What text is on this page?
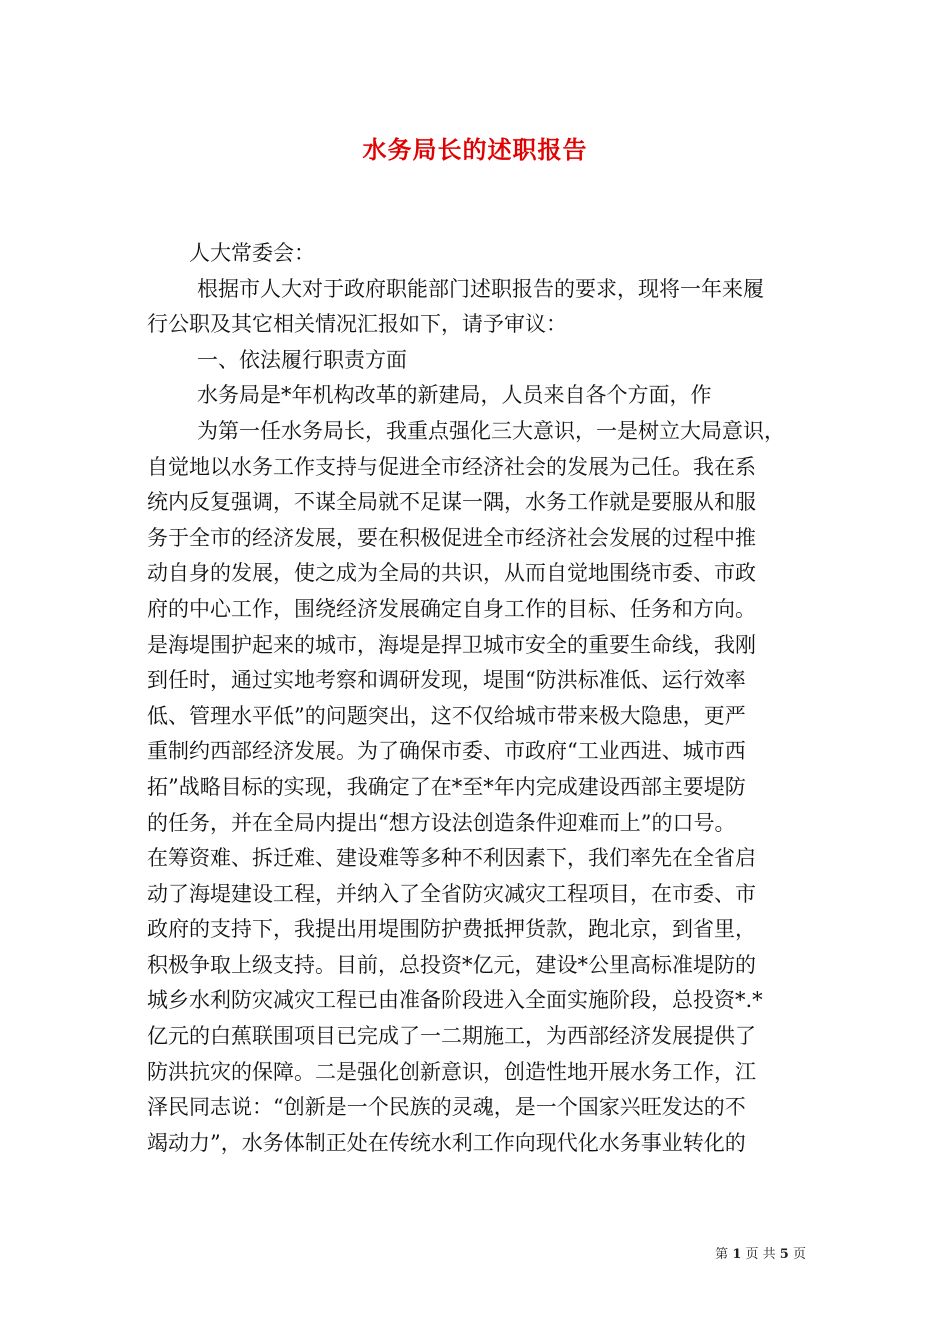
水务局长的述职报告
人大常委会：
根据市人大对于政府职能部门述职报告的要求，现将一年来履
行公职及其它相关情况汇报如下，请予审议：
一、依法履行职责方面
水务局是*年机构改革的新建局，人员来自各个方面，作
为第一任水务局长，我重点强化三大意识，一是树立大局意识，
自觉地以水务工作支持与促进全市经济社会的发展为己任。我在系
统内反复强调，不谋全局就不足谋一隅，水务工作就是要服从和服
务于全市的经济发展，要在积极促进全市经济社会发展的过程中推
动自身的发展，使之成为全局的共识，从而自觉地围绕市委、市政
府的中心工作，围绕经济发展确定自身工作的目标、任务和方向。
是海堤围护起来的城市，海堤是捍卫城市安全的重要生命线，我刚
到任时，通过实地考察和调研发现，堤围“防洪标准低、运行效率
低、管理水平低”的问题突出，这不仅给城市带来极大隐患，更严
重制约西部经济发展。为了确保市委、市政府“工业西进、城市西
拓”战略目标的实现，我确定了在*至*年内完成建设西部主要堤防
的任务，并在全局内提出“想方设法创造条件迎难而上”的口号。
在筹资难、拆迁难、建设难等多种不利因素下，我们率先在全省启
动了海堤建设工程，并纳入了全省防灾减灾工程项目，在市委、市
政府的支持下，我提出用堤围防护费抵押货款，跑北京，到省里，
积极争取上级支持。目前，总投资*亿元，建设*公里高标准堤防的
城乡水利防灾减灾工程已由准备阶段进入全面实施阶段，总投资*.*
亿元的白蕉联围项目已完成了一二期施工，为西部经济发展提供了
防洪抗灾的保障。二是强化创新意识，创造性地开展水务工作，江
泽民同志说：“创新是一个民族的灵魂，是一个国家兴旺发达的不
竭动力”，水务体制正处在传统水利工作向现代化水务事业转化的
第 1 页 共 5 页
